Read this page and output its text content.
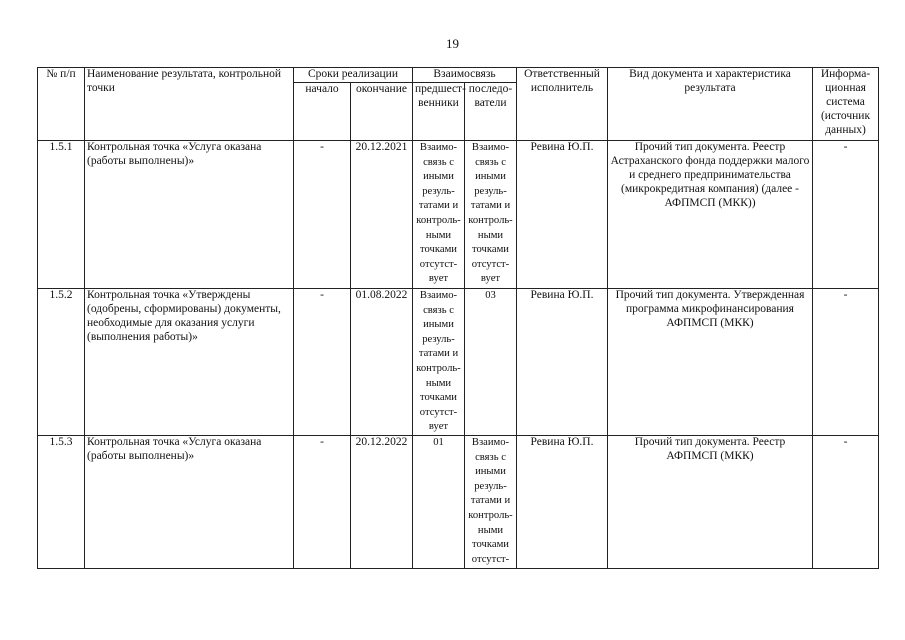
19
№ п/п	Наименование результата, контрольной точки	Сроки реализации		Взаимосвязь		Ответственный исполнитель	Вид документа и характеристика результата	Информа-ционная система (источник данных)
		начало	окончание	предшест-венники	последо-ватели			
1.5.1	Контрольная точка «Услуга оказана (работы выполнены)»	-	20.12.2021	Взаимо-связь с иными резуль-татами и контроль-ными точками отсутст-вует	Взаимо-связь с иными резуль-татами и контроль-ными точками отсутст-вует	Ревина Ю.П.	Прочий тип документа. Реестр Астраханского фонда поддержки малого и среднего предпринимательства (микрокредитная компания) (далее - АФПМСП (МКК))	-
1.5.2	Контрольная точка «Утверждены (одобрены, сформированы) документы, необходимые для оказания услуги (выполнения работы)»	-	01.08.2022	Взаимо-связь с иными резуль-татами и контроль-ными точками отсутст-вует	03	Ревина Ю.П.	Прочий тип документа. Утвержденная программа микрофинансирования АФПМСП (МКК)	-
1.5.3	Контрольная точка «Услуга оказана (работы выполнены)»	-	20.12.2022	01	Взаимо-связь с иными резуль-татами и контроль-ными точками отсутст-	Ревина Ю.П.	Прочий тип документа. Реестр АФПМСП (МКК)	-
